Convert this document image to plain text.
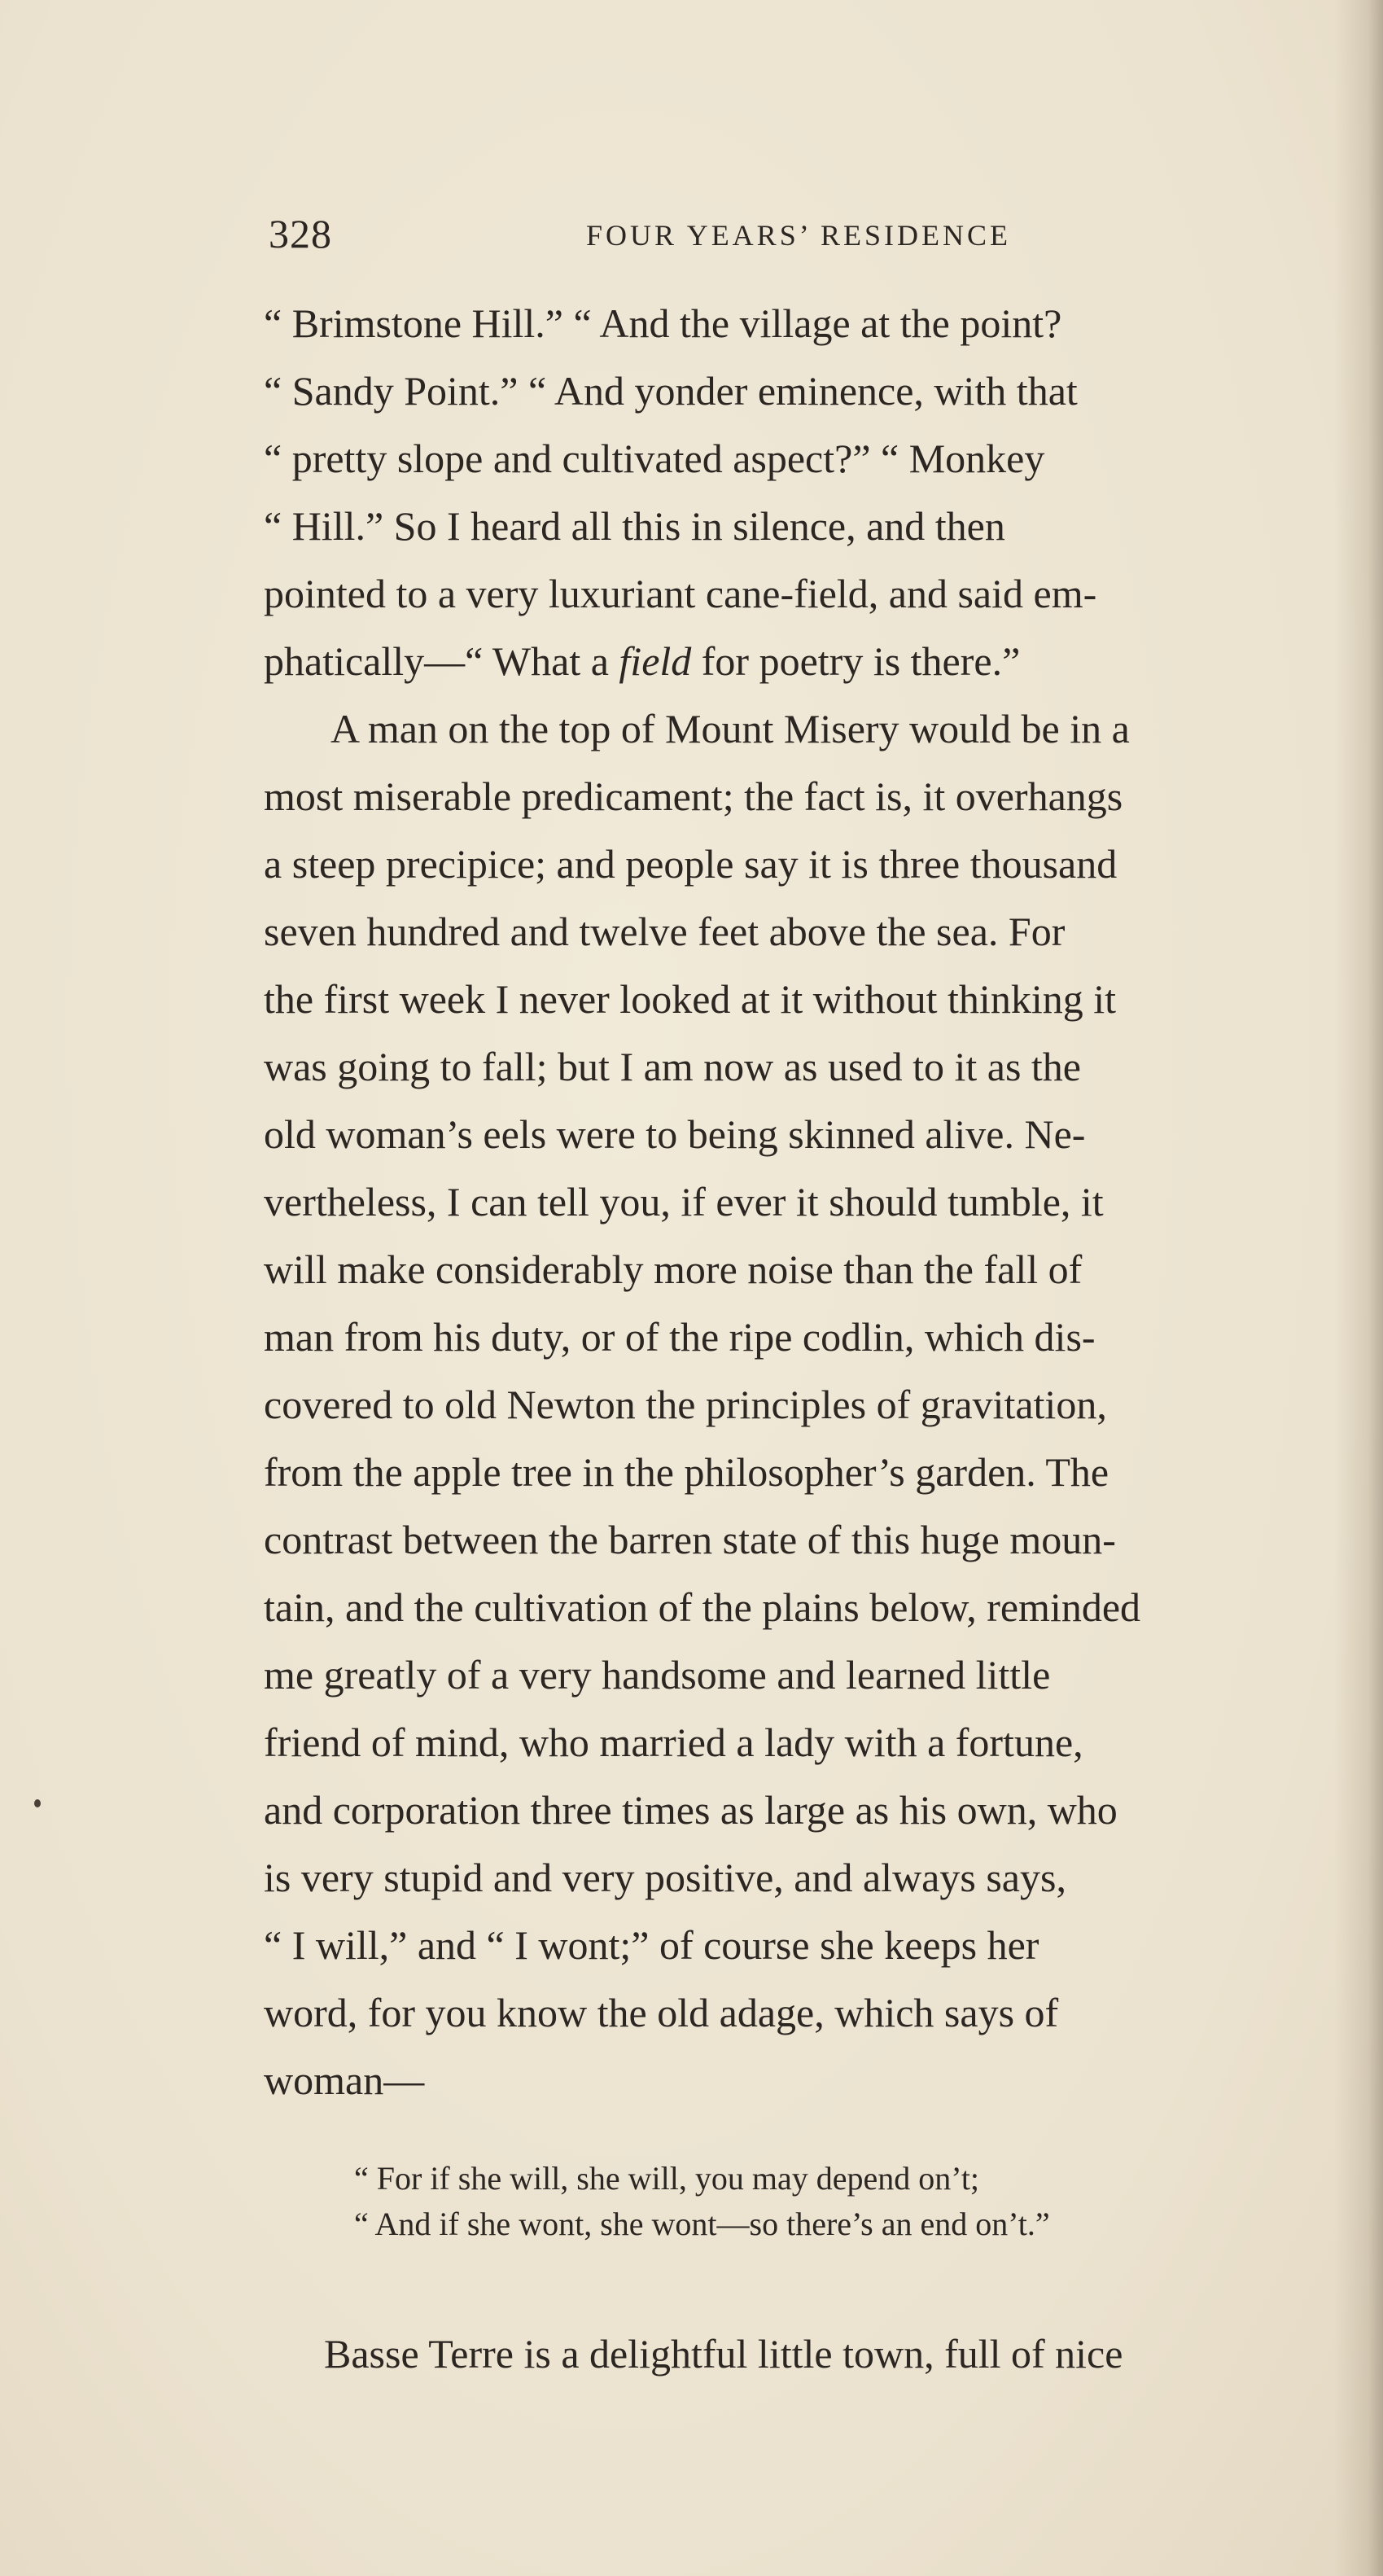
328	FOUR YEARS’ RESIDENCE
“ Brimstone Hill.” “ And the village at the point?
“ Sandy Point.” “ And yonder eminence, with that
“ pretty slope and cultivated aspect?” “ Monkey
“ Hill.” So I heard all this in silence, and then
pointed to a very luxuriant cane-field, and said em-
phatically—“ What a field for poetry is there.”
A man on the top of Mount Misery would be in a
most miserable predicament; the fact is, it overhangs
a steep precipice; and people say it is three thousand
seven hundred and twelve feet above the sea. For
the first week I never looked at it without thinking it
was going to fall; but I am now as used to it as the
old woman’s eels were to being skinned alive. Ne-
vertheless, I can tell you, if ever it should tumble, it
will make considerably more noise than the fall of
man from his duty, or of the ripe codlin, which dis-
covered to old Newton the principles of gravitation,
from the apple tree in the philosopher’s garden. The
contrast between the barren state of this huge moun-
tain, and the cultivation of the plains below, reminded
me greatly of a very handsome and learned little
friend of mind, who married a lady with a fortune,
and corporation three times as large as his own, who
is very stupid and very positive, and always says,
“ I will,” and “ I wont;” of course she keeps her
word, for you know the old adage, which says of
woman—
“ For if she will, she will, you may depend on’t;
“ And if she wont, she wont—so there’s an end on’t.”
Basse Terre is a delightful little town, full of nice
